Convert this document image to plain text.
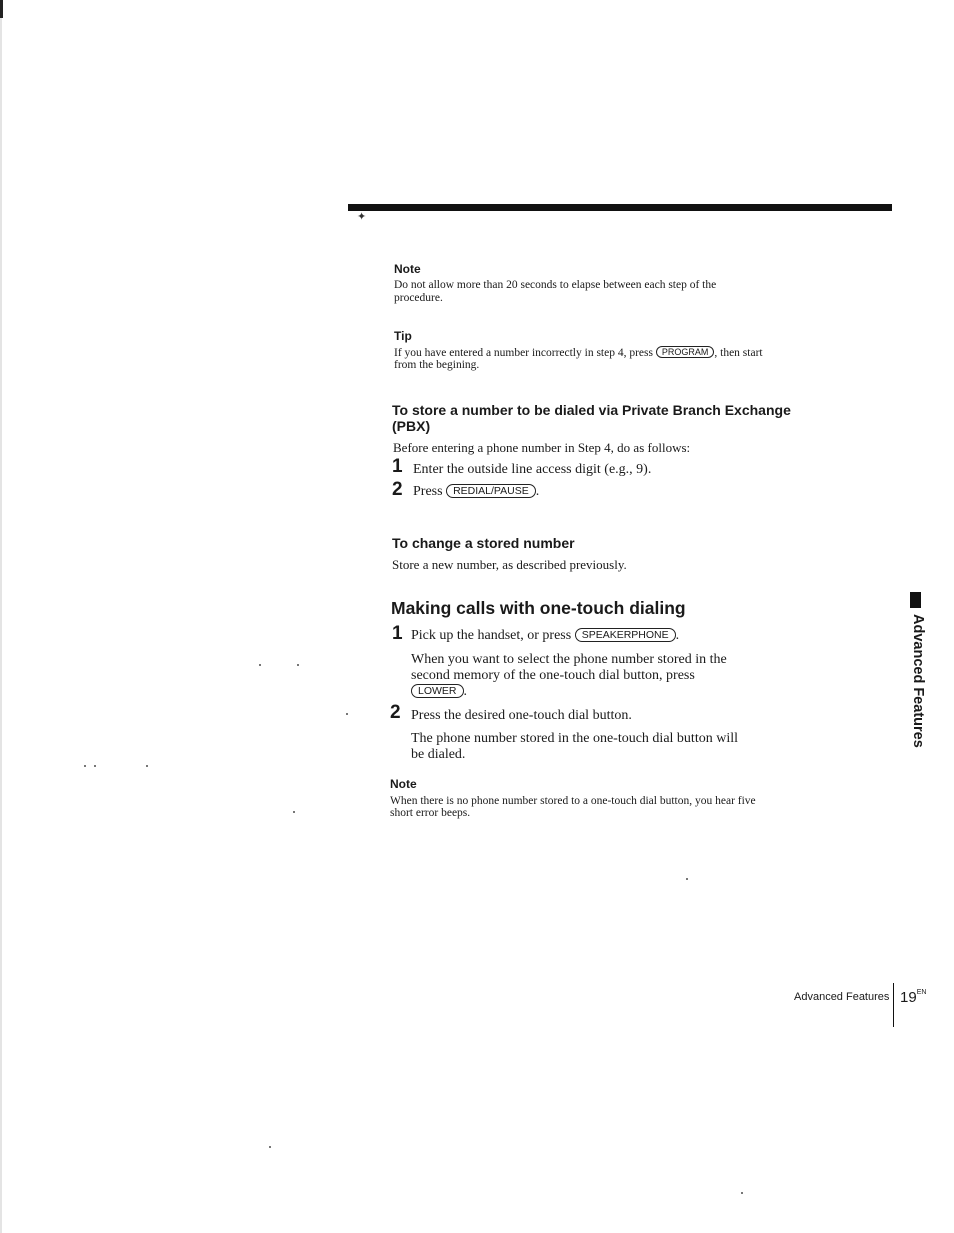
✦
Note
Do not allow more than 20 seconds to elapse between each step of the
procedure.
Tip
If you have entered a number incorrectly in step 4, press PROGRAM , then start
from the begining.
To store a number to be dialed via Private Branch Exchange
(PBX)
Before entering a phone number in Step 4, do as follows:
1 Enter the outside line access digit (e.g., 9).
2 Press REDIAL/PAUSE .
To change a stored number
Store a new number, as described previously.
Making calls with one-touch dialing
1 Pick up the handset, or press SPEAKERPHONE .
When you want to select the phone number stored in the
second memory of the one-touch dial button, press
LOWER .
2 Press the desired one-touch dial button.
The phone number stored in the one-touch dial button will
be dialed.
Note
When there is no phone number stored to a one-touch dial button, you hear five
short error beeps.
Advanced Features
Advanced Features $19^{EN}$
